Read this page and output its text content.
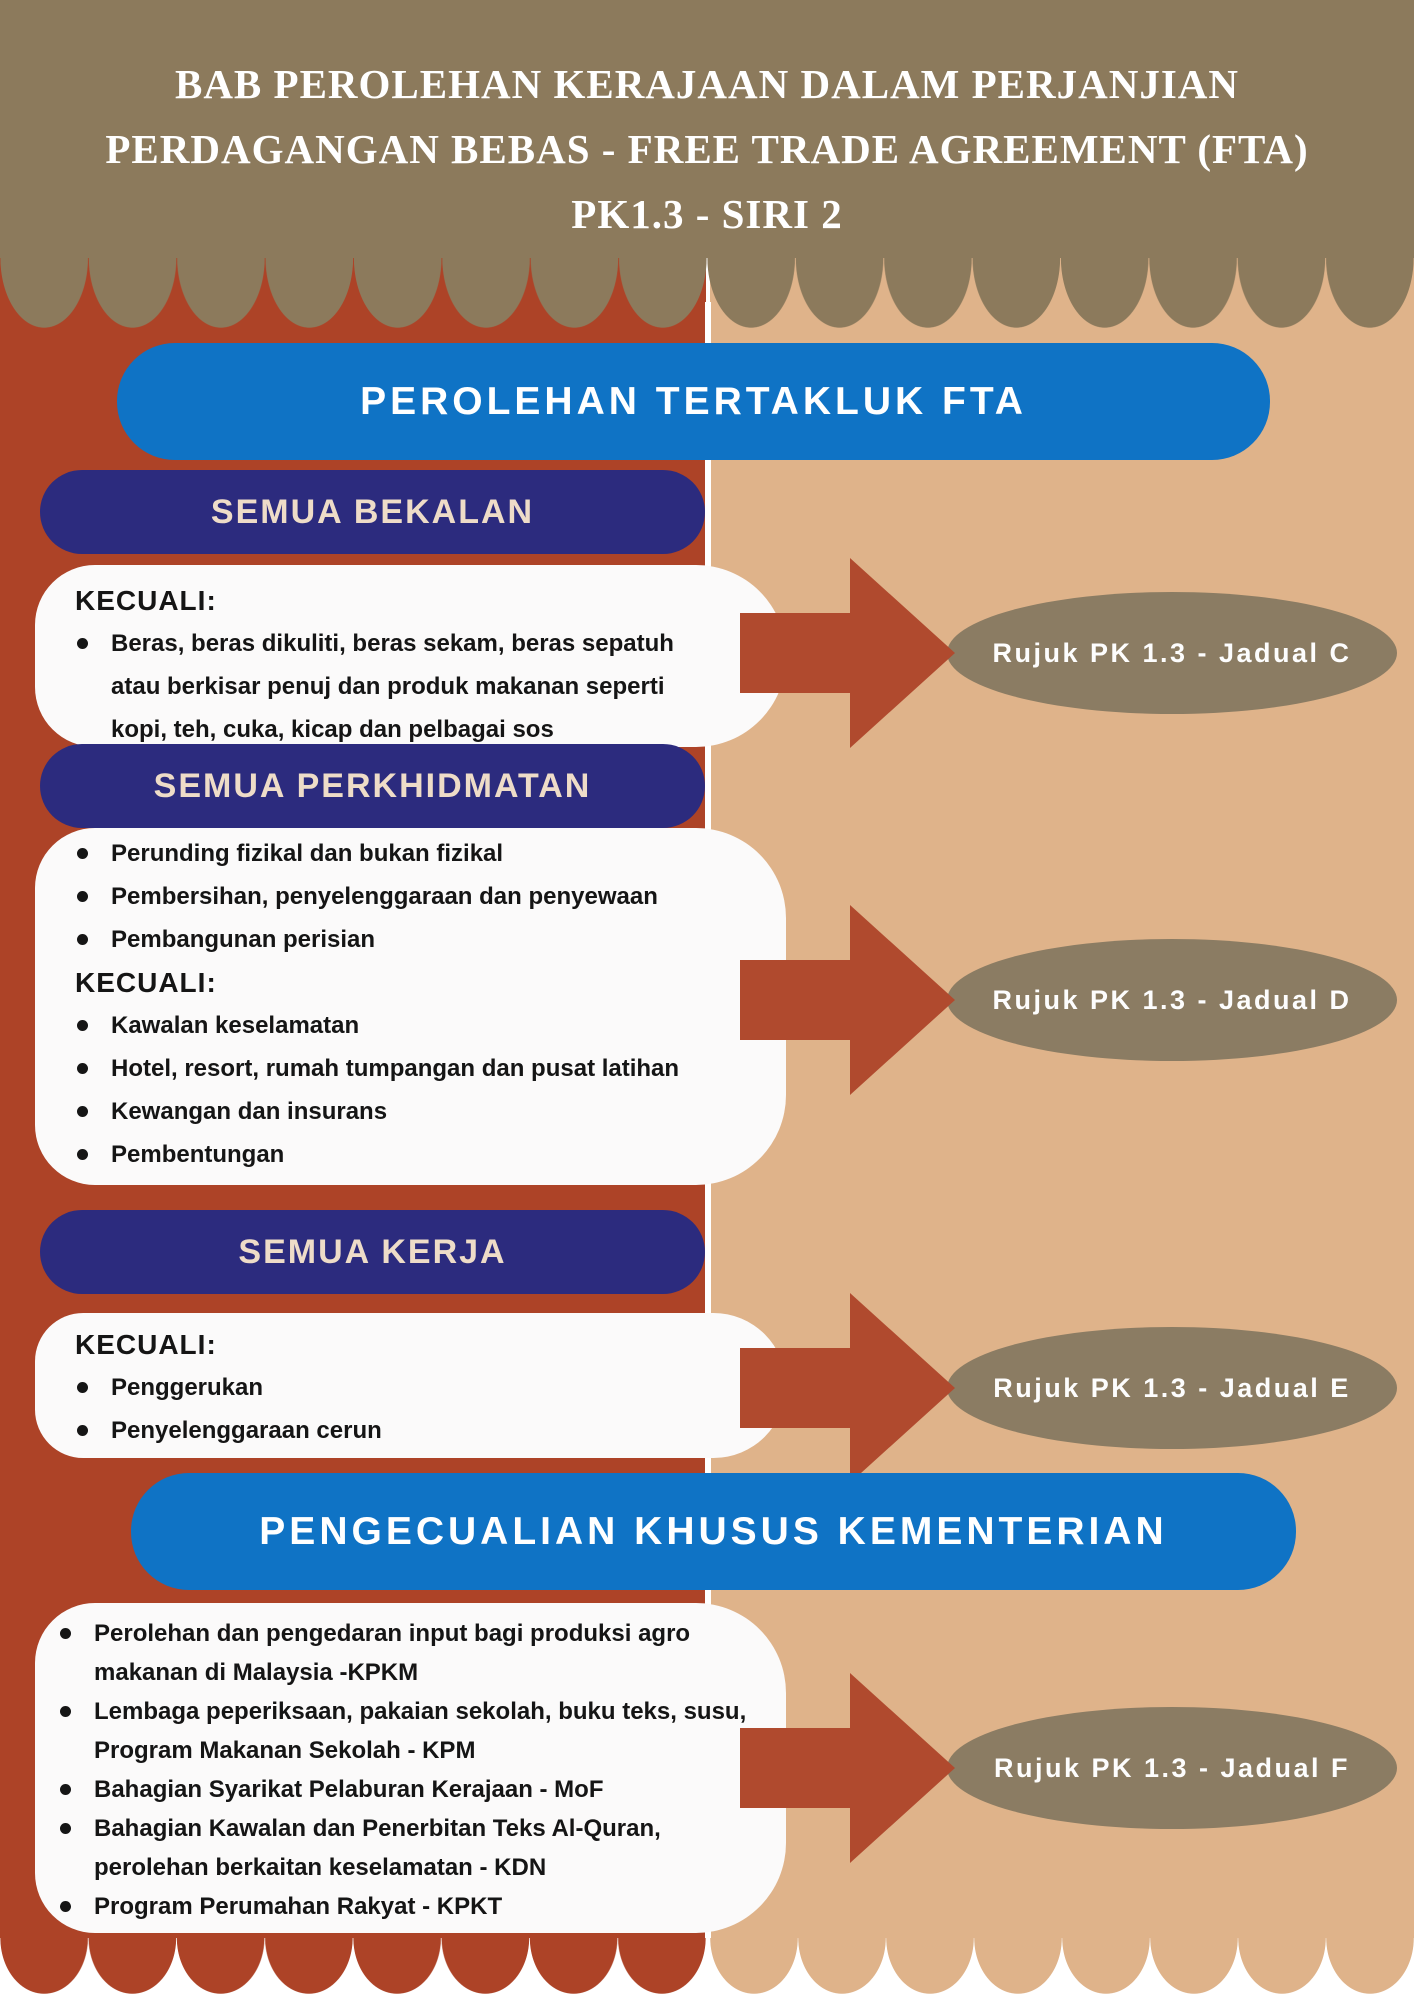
BAB PEROLEHAN KERAJAAN DALAM PERJANJIAN
PERDAGANGAN BEBAS - FREE TRADE AGREEMENT (FTA)
PK1.3 - SIRI 2
PEROLEHAN TERTAKLUK FTA
PENGECUALIAN KHUSUS KEMENTERIAN
SEMUA BEKALAN
KECUALI:
Beras, beras dikuliti, beras sekam, beras sepatuh
atau berkisar penuj dan produk makanan seperti
kopi, teh, cuka, kicap dan pelbagai sos
Rujuk PK 1.3 - Jadual C
SEMUA PERKHIDMATAN
Perunding fizikal dan bukan fizikal
Pembersihan, penyelenggaraan dan penyewaan
Pembangunan perisian
KECUALI:
Kawalan keselamatan
Hotel, resort, rumah tumpangan dan pusat latihan
Kewangan dan insurans
Pembentungan
Rujuk PK 1.3 - Jadual D
SEMUA KERJA
KECUALI:
Penggerukan
Penyelenggaraan cerun
Rujuk PK 1.3 - Jadual E
Perolehan dan pengedaran input bagi produksi agro
makanan di Malaysia -KPKM
Lembaga peperiksaan, pakaian sekolah, buku teks, susu,
Program Makanan Sekolah - KPM
Bahagian Syarikat Pelaburan Kerajaan - MoF
Bahagian Kawalan dan Penerbitan Teks Al-Quran,
perolehan berkaitan keselamatan - KDN
Program Perumahan Rakyat - KPKT
Rujuk PK 1.3 - Jadual F
